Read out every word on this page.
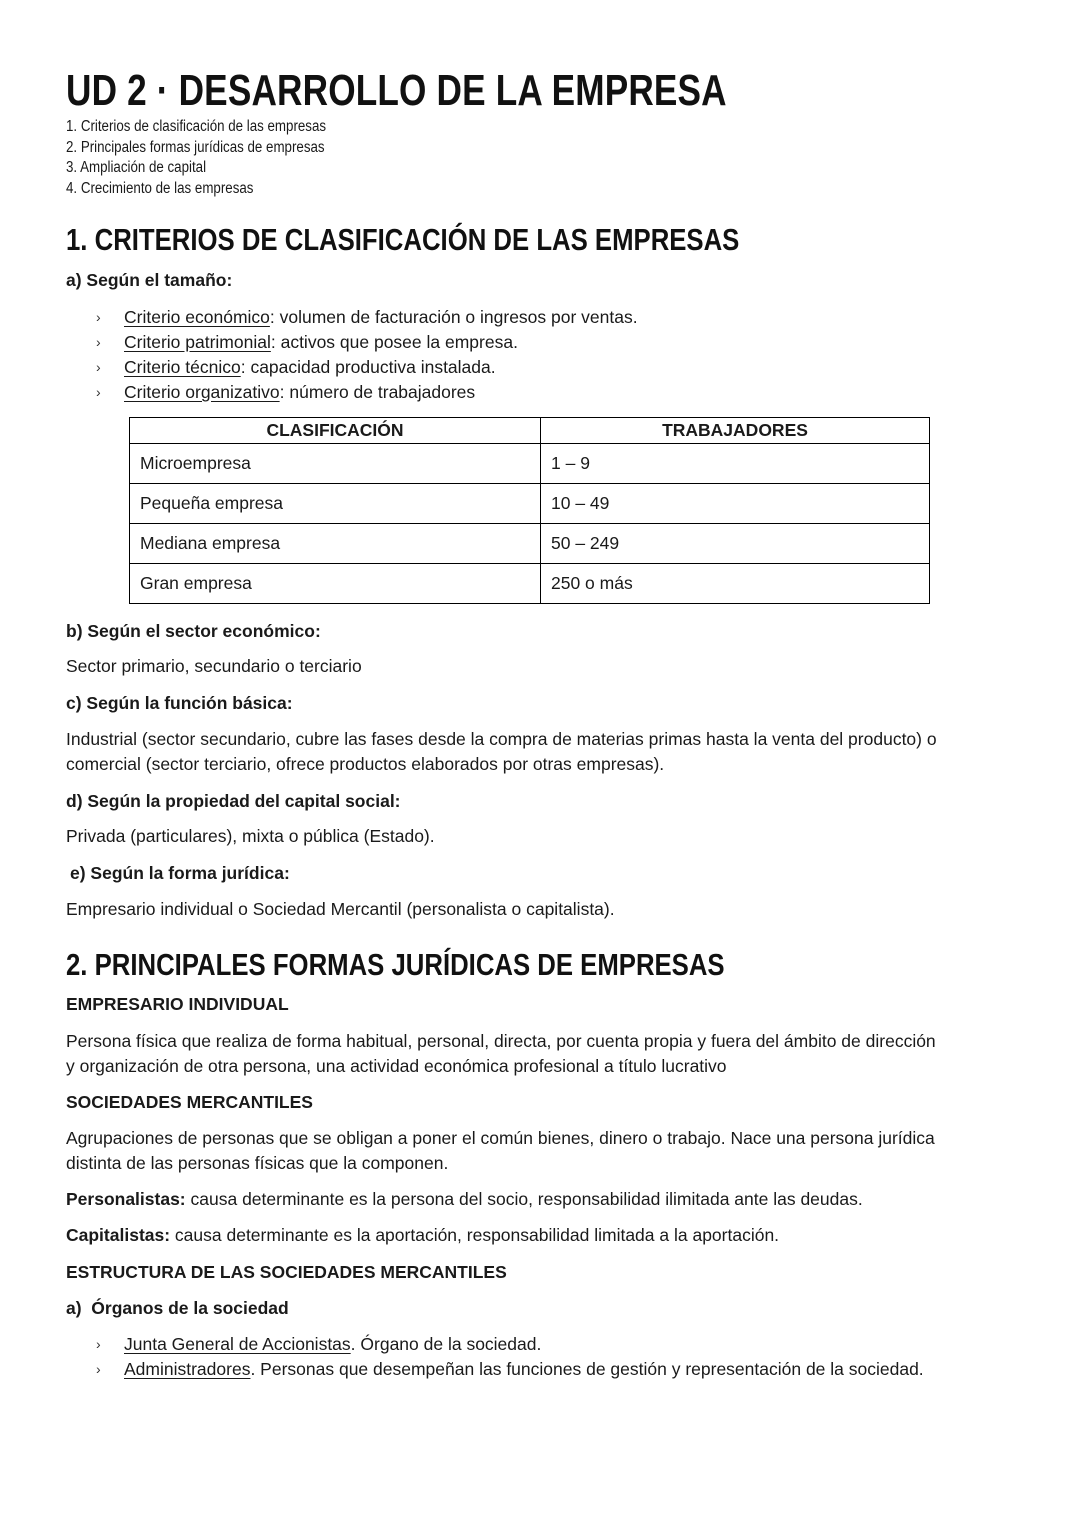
UD 2 · DESARROLLO DE LA EMPRESA
1. Criterios de clasificación de las empresas
2. Principales formas jurídicas de empresas
3. Ampliación de capital
4. Crecimiento de las empresas
1. CRITERIOS DE CLASIFICACIÓN DE LAS EMPRESAS
a) Según el tamaño:
› Criterio económico: volumen de facturación o ingresos por ventas.
› Criterio patrimonial: activos que posee la empresa.
› Criterio técnico: capacidad productiva instalada.
› Criterio organizativo: número de trabajadores
CLASIFICACIÓN	TRABAJADORES
Microempresa	1 – 9
Pequeña empresa	10 – 49
Mediana empresa	50 – 249
Gran empresa	250 o más
b) Según el sector económico:
Sector primario, secundario o terciario
c) Según la función básica:
Industrial (sector secundario, cubre las fases desde la compra de materias primas hasta la venta del producto) o
comercial (sector terciario, ofrece productos elaborados por otras empresas).
d) Según la propiedad del capital social:
Privada (particulares), mixta o pública (Estado).
e) Según la forma jurídica:
Empresario individual o Sociedad Mercantil (personalista o capitalista).
2. PRINCIPALES FORMAS JURÍDICAS DE EMPRESAS
EMPRESARIO INDIVIDUAL
Persona física que realiza de forma habitual, personal, directa, por cuenta propia y fuera del ámbito de dirección
y organización de otra persona, una actividad económica profesional a título lucrativo
SOCIEDADES MERCANTILES
Agrupaciones de personas que se obligan a poner el común bienes, dinero o trabajo. Nace una persona jurídica
distinta de las personas físicas que la componen.
Personalistas: causa determinante es la persona del socio, responsabilidad ilimitada ante las deudas.
Capitalistas: causa determinante es la aportación, responsabilidad limitada a la aportación.
ESTRUCTURA DE LAS SOCIEDADES MERCANTILES
a)  Órganos de la sociedad
› Junta General de Accionistas. Órgano de la sociedad.
› Administradores. Personas que desempeñan las funciones de gestión y representación de la sociedad.
